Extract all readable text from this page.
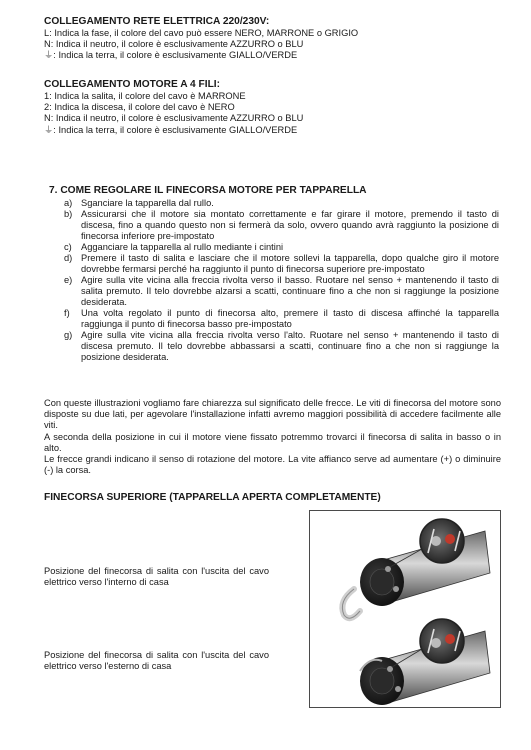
COLLEGAMENTO RETE ELETTRICA 220/230V:

L: Indica la fase, il colore del cavo può essere NERO, MARRONE o GRIGIO

N: Indica il neutro, il colore è esclusivamente AZZURRO o BLU

⏚: Indica la terra, il colore è esclusivamente GIALLO/VERDE

COLLEGAMENTO MOTORE A 4 FILI:

1: Indica la salita, il colore del cavo è MARRONE

2: Indica la discesa, il colore del cavo è NERO

N: Indica il neutro, il colore è esclusivamente AZZURRO o BLU

⏚: Indica la terra, il colore è esclusivamente GIALLO/VERDE

7. COME REGOLARE IL FINECORSA MOTORE PER TAPPARELLA

a) Sganciare la tapparella dal rullo.
b) Assicurarsi che il motore sia montato correttamente e far girare il motore, premendo il tasto di discesa, fino a quando questo non si fermerà da solo, ovvero quando avrà raggiunto la posizione di finecorsa inferiore pre-impostato
c) Agganciare la tapparella al rullo mediante i cintini
d) Premere il tasto di salita e lasciare che il motore sollevi la tapparella, dopo qualche giro il motore dovrebbe fermarsi perché ha raggiunto il punto di finecorsa superiore pre-impostato
e) Agire sulla vite vicina alla freccia rivolta verso il basso. Ruotare nel senso + mantenendo il tasto di salita premuto. Il telo dovrebbe alzarsi a scatti, continuare fino a che non si raggiunge la posizione desiderata.
f)	Una volta regolato il punto di finecorsa alto, premere il tasto di discesa affinché la tapparella raggiunga il punto di finecorsa basso pre-impostato
g) Agire sulla vite vicina alla freccia rivolta verso l'alto. Ruotare nel senso + mantenendo il tasto di discesa premuto. Il telo dovrebbe abbassarsi a scatti, continuare fino a che non si raggiunge la posizione desiderata.

Con queste illustrazioni vogliamo fare chiarezza sul significato delle frecce. Le viti di finecorsa del motore sono disposte su due lati, per agevolare l'installazione infatti avremo maggiori possibilità di accedere facilmente alle viti.

A seconda della posizione in cui il motore viene fissato potremmo trovarci il finecorsa di salita in basso o in alto.

Le frecce grandi indicano il senso di rotazione del motore. La vite affianco serve ad aumentare (+) o diminuire (-) la corsa.

FINECORSA SUPERIORE (TAPPARELLA APERTA COMPLETAMENTE)

Posizione del finecorsa di salita con l'uscita del cavo elettrico verso l'interno di casa
Posizione del finecorsa di salita con l'uscita del cavo elettrico verso l'esterno di casa
